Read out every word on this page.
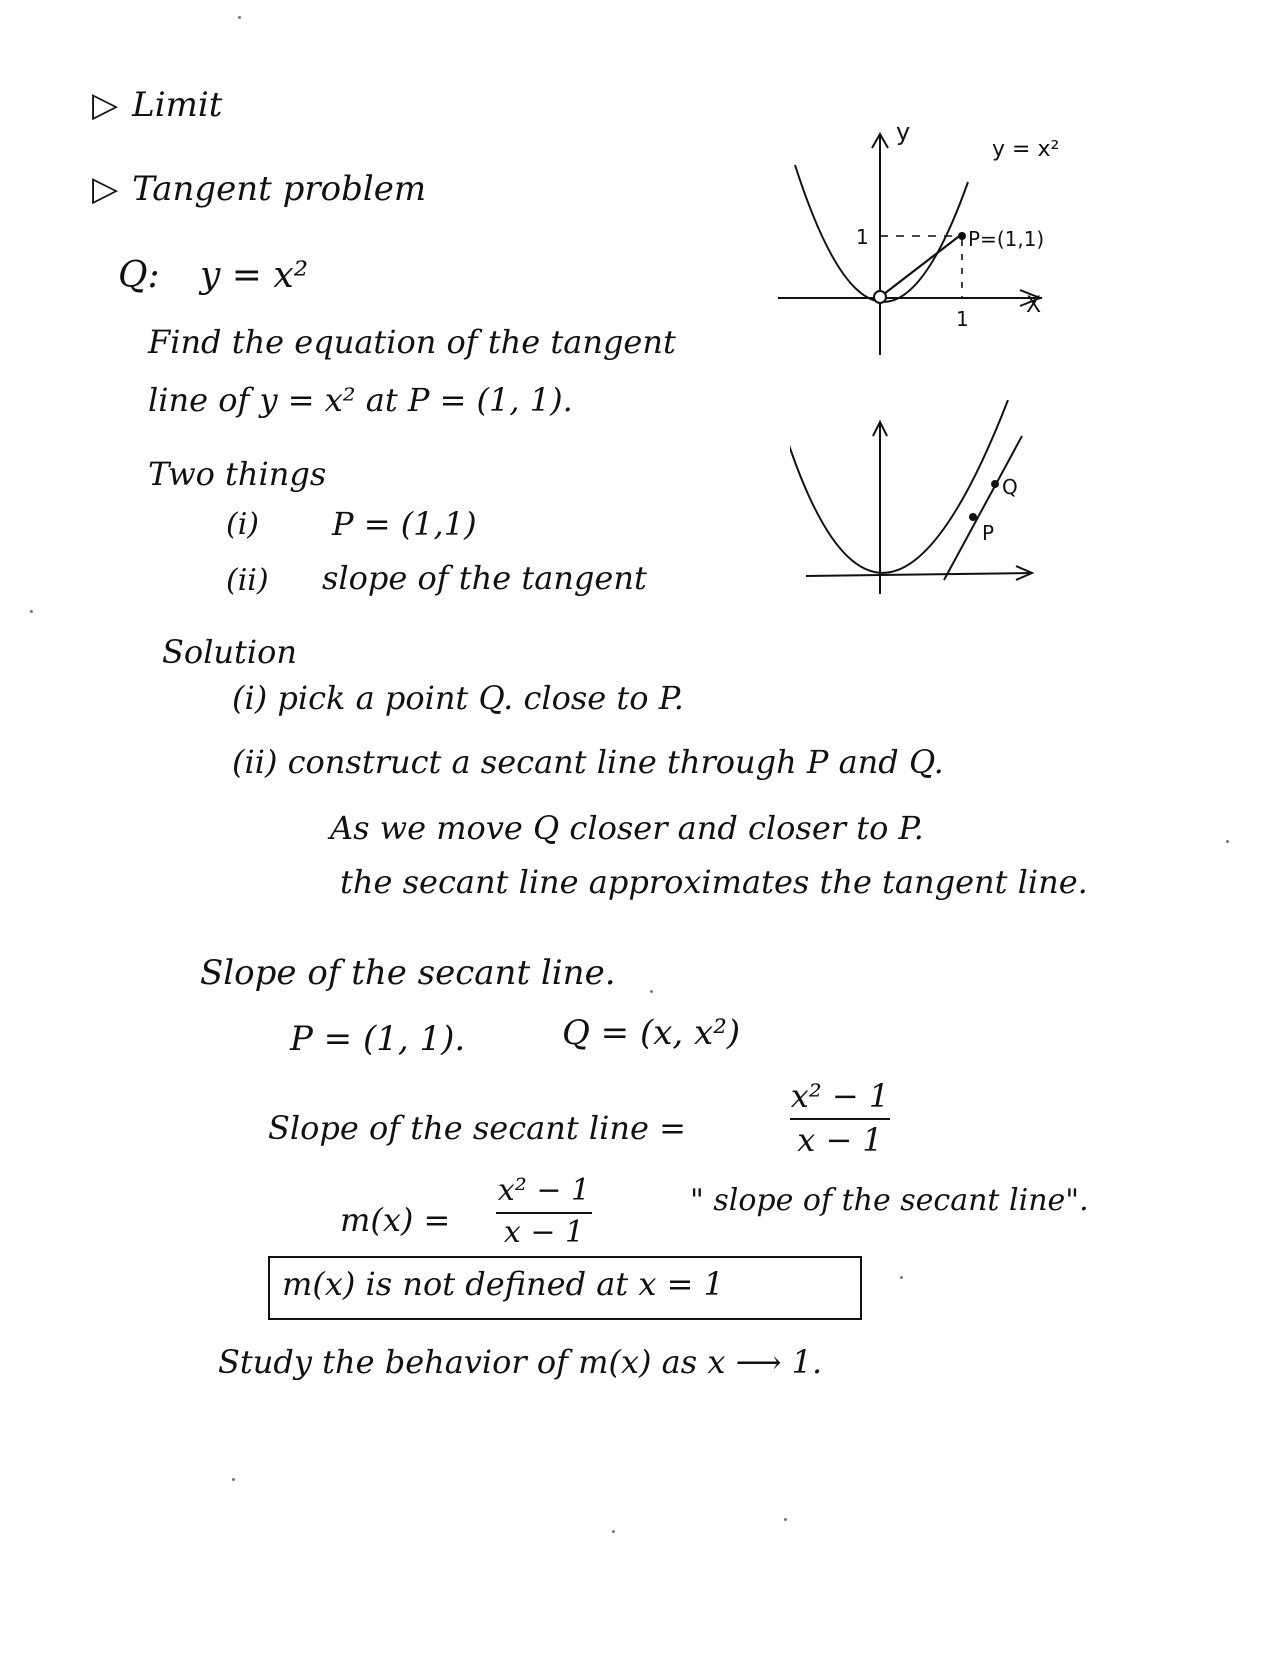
▷ Limit
▷ Tangent problem
Q: y = x²
Find the equation of the tangent
line of y = x² at P = (1, 1).
Two things
(i) P = (1,1)
(ii) slope of the tangent
Solution
(i) pick a point Q. close to P.
(ii) construct a secant line through P and Q.
As we move Q closer and closer to P.
the secant line approximates the tangent line.
Slope of the secant line.
P = (1, 1).	Q = (x, x²)
Slope of the secant line =
x² − 1
x − 1
m(x) =
x² − 1
x − 1
" slope of the secant line".
m(x) is not defined at x = 1
Study the behavior of m(x) as x ⟶ 1.
y
y = x²
1	P=(1,1)
1
X
Q
P
